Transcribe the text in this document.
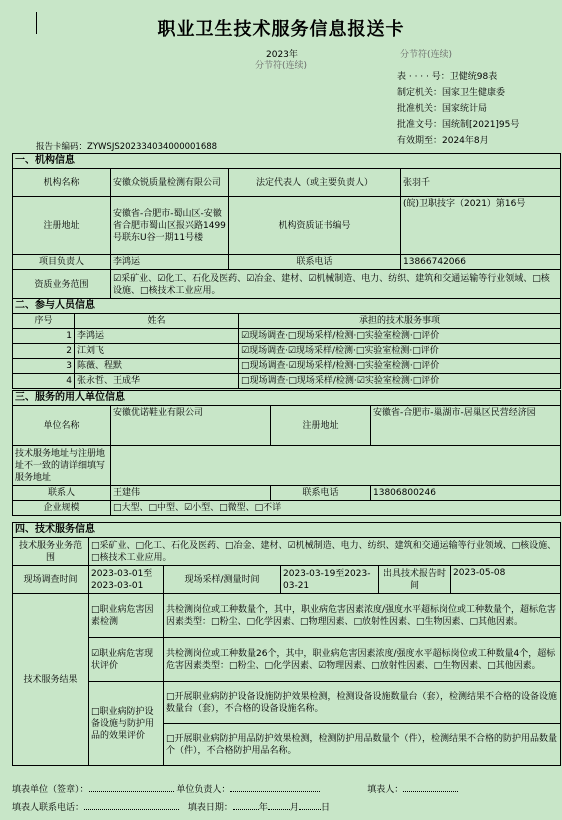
职业卫生技术服务信息报送卡
2023年	分节符(连续)
分节符(连续)
表 · · · · 号：卫健统98表
制定机关：国家卫生健康委
批准机关：国家统计局
批准文号：国统制[2021]95号
有效期至：2024年8月
报告卡编码：ZYWSJS202334034000001688
一、机构信息			
机构名称	安徽众锐质量检测有限公司	法定代表人（或主要负责人）	张羽千
注册地址	安徽省-合肥市-蜀山区-安徽省合肥市蜀山区报兴路1499号联东U谷一期11号楼	机构资质证书编号	(皖)卫职技字（2021）第16号
项目负责人	李鸿运	联系电话	13866742066
资质业务范围	☑采矿业、☑化工、石化及医药、☑冶金、建材、☑机械制造、电力、纺织、建筑和交通运输等行业领域、□核设施、□核技术工业应用。		
二、参与人员信息		
序号	姓名	承担的技术服务事项
1	李鸿运	☑现场调查·□现场采样/检测·□实验室检测·□评价
2	江刘飞	☑现场调查·☑现场采样/检测·□实验室检测·□评价
3	陈薇、程默	□现场调查·☑现场采样/检测·□实验室检测·□评价
4	张永哲、王成华	□现场调查·□现场采样/检测·☑实验室检测·□评价
三、服务的用人单位信息			
单位名称	安徽优诺鞋业有限公司	注册地址	安徽省-合肥市-巢湖市-居巢区民营经济园
技术服务地址与注册地址不一致的请详细填写服务地址			
联系人	王建伟	联系电话	13806800246
企业规模	□大型、□中型、☑小型、□微型、□不详		
四、技术服务信息					
技术服务业务范围	□采矿业、□化工、石化及医药、□冶金、建材、☑机械制造、电力、纺织、建筑和交通运输等行业领域、□核设施、□核技术工业应用。				
现场调查时间	2023-03-01至2023-03-01	现场采样/测量时间	2023-03-19至2023-03-21	出具技术报告时间	2023-05-08
技术服务结果	□职业病危害因素检测	共检测岗位或工种数量个，其中，职业病危害因素浓度/强度水平超标岗位或工种数量个，超标危害因素类型：□粉尘、□化学因素、□物理因素、□放射性因素、□生物因素、□其他因素。			
	☑职业病危害现状评价	共检测岗位或工种数量26个，其中，职业病危害因素浓度/强度水平超标岗位或工种数量4个，超标危害因素类型：□粉尘、□化学因素、☑物理因素、□放射性因素、□生物因素、□其他因素。			
	□职业病防护设备设施与防护用品的效果评价	□开展职业病防护设备设施防护效果检测，检测设备设施数量台（套），检测结果不合格的设备设施数量台（套），不合格的设备设施名称。			
		□开展职业病防护用品防护效果检测，检测防护用品数量个（件），检测结果不合格的防护用品数量个（件），不合格防护用品名称。			
填表单位（签章）：	单位负责人：	填表人：
填表人联系电话：	填表日期：	年 月 日
